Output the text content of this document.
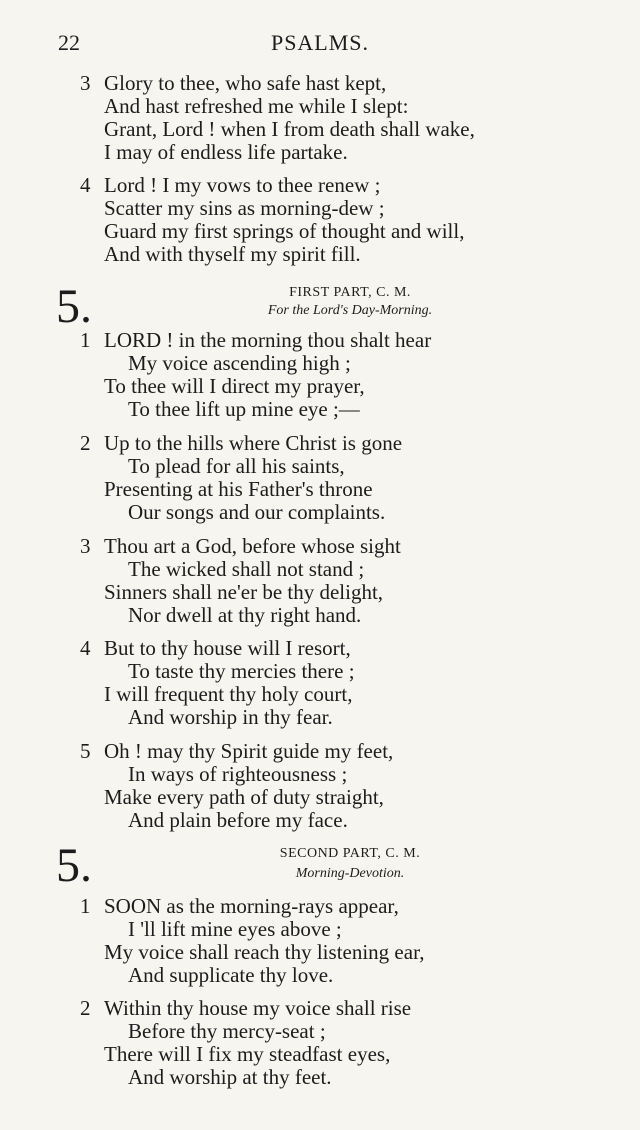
22	PSALMS.
3 Glory to thee, who safe hast kept,
And hast refreshed me while I slept:
Grant, Lord ! when I from death shall wake,
I may of endless life partake.
4 Lord ! I my vows to thee renew ;
Scatter my sins as morning-dew ;
Guard my first springs of thought and will,
And with thyself my spirit fill.
5.	FIRST PART, C. M.
For the Lord's Day-Morning.
1 LORD ! in the morning thou shalt hear
My voice ascending high ;
To thee will I direct my prayer,
To thee lift up mine eye ;—
2 Up to the hills where Christ is gone
To plead for all his saints,
Presenting at his Father's throne
Our songs and our complaints.
3 Thou art a God, before whose sight
The wicked shall not stand ;
Sinners shall ne'er be thy delight,
Nor dwell at thy right hand.
4 But to thy house will I resort,
To taste thy mercies there ;
I will frequent thy holy court,
And worship in thy fear.
5 Oh ! may thy Spirit guide my feet,
In ways of righteousness ;
Make every path of duty straight,
And plain before my face.
5.	SECOND PART, C. M.
Morning-Devotion.
1 SOON as the morning-rays appear,
I 'll lift mine eyes above ;
My voice shall reach thy listening ear,
And supplicate thy love.
2 Within thy house my voice shall rise
Before thy mercy-seat ;
There will I fix my steadfast eyes,
And worship at thy feet.
